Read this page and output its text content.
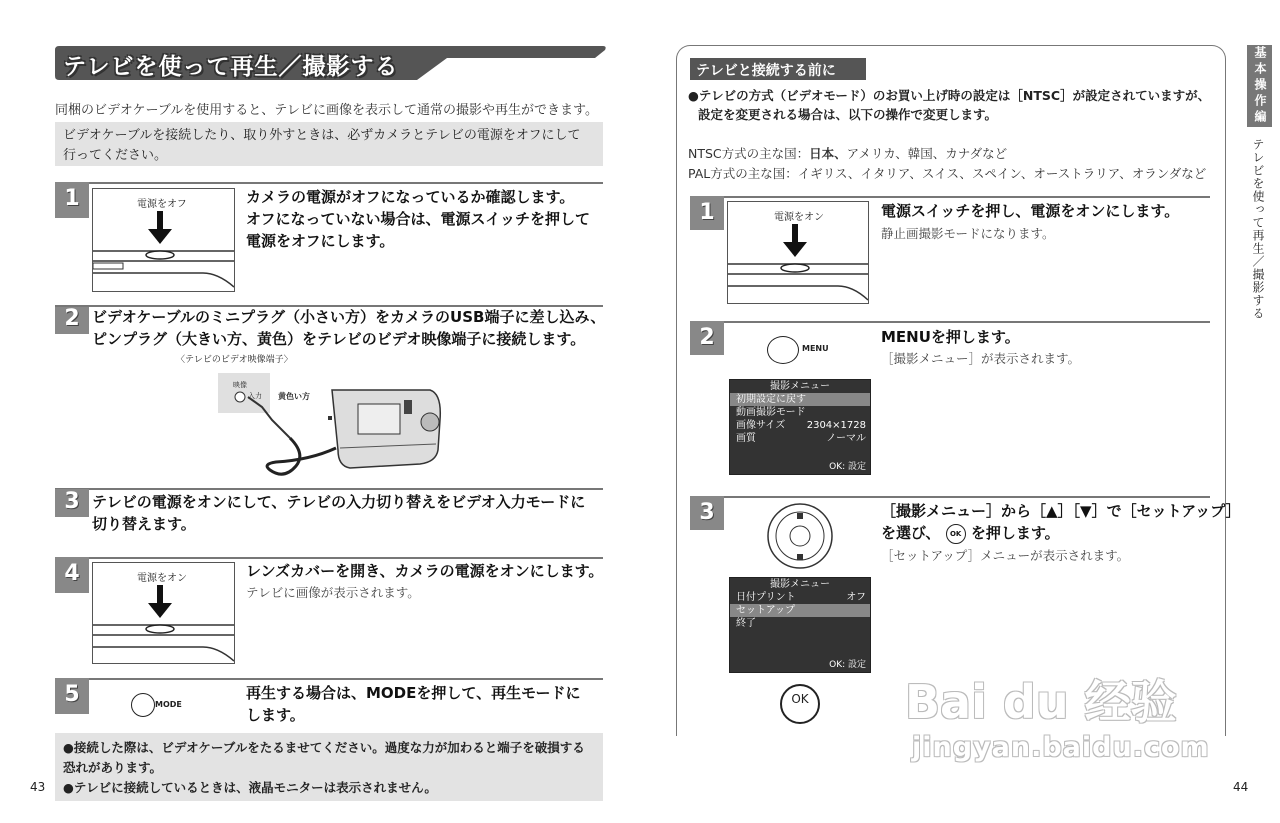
テレビを使って再生／撮影する
同梱のビデオケーブルを使用すると、テレビに画像を表示して通常の撮影や再生ができます。
ビデオケーブルを接続したり、取り外すときは、必ずカメラとテレビの電源をオフにして
行ってください。
1	電源をオフ	カメラの電源がオフになっているか確認します。
オフになっていない場合は、電源スイッチを押して
電源をオフにします。
2 ビデオケーブルのミニプラグ（小さい方）をカメラのUSB端子に差し込み、
ピンプラグ（大きい方、黄色）をテレビのビデオ映像端子に接続します。
〈テレビのビデオ映像端子〉
映像
入力 黄色い方
3 テレビの電源をオンにして、テレビの入力切り替えをビデオ入力モードに
切り替えます。
4	電源をオン	レンズカバーを開き、カメラの電源をオンにします。
テレビに画像が表示されます。
5	MODE
再生する場合は、MODEを押して、再生モードに
します。
●接続した際は、ビデオケーブルをたるませてください。過度な力が加わると端子を破損する
恐れがあります。
●テレビに接続しているときは、液晶モニターは表示されません。
43
テレビと接続する前に
●テレビの方式（ビデオモード）のお買い上げ時の設定は［NTSC］が設定されていますが、
設定を変更される場合は、以下の操作で変更します。
NTSC方式の主な国：日本、アメリカ、韓国、カナダなど
PAL方式の主な国：イギリス、イタリア、スイス、スペイン、オーストラリア、オランダなど
1	電源をオン	電源スイッチを押し、電源をオンにします。
静止画撮影モードになります。
2	MENU
MENUを押します。
［撮影メニュー］が表示されます。
撮影メニュー
初期設定に戻す
動画撮影モード
画像サイズ 2304×1728
画質	ノーマル
OK: 設定
3	［撮影メニュー］から［▲］［▼］で［セットアップ］
を選び、 OK を押します。
［セットアップ］メニューが表示されます。
撮影メニュー
日付プリント	オフ
セットアップ
終了
OK: 設定
OK
44
基本操作編
テレビを使って再生／撮影する
Bai du 经验
jingyan.baidu.com
